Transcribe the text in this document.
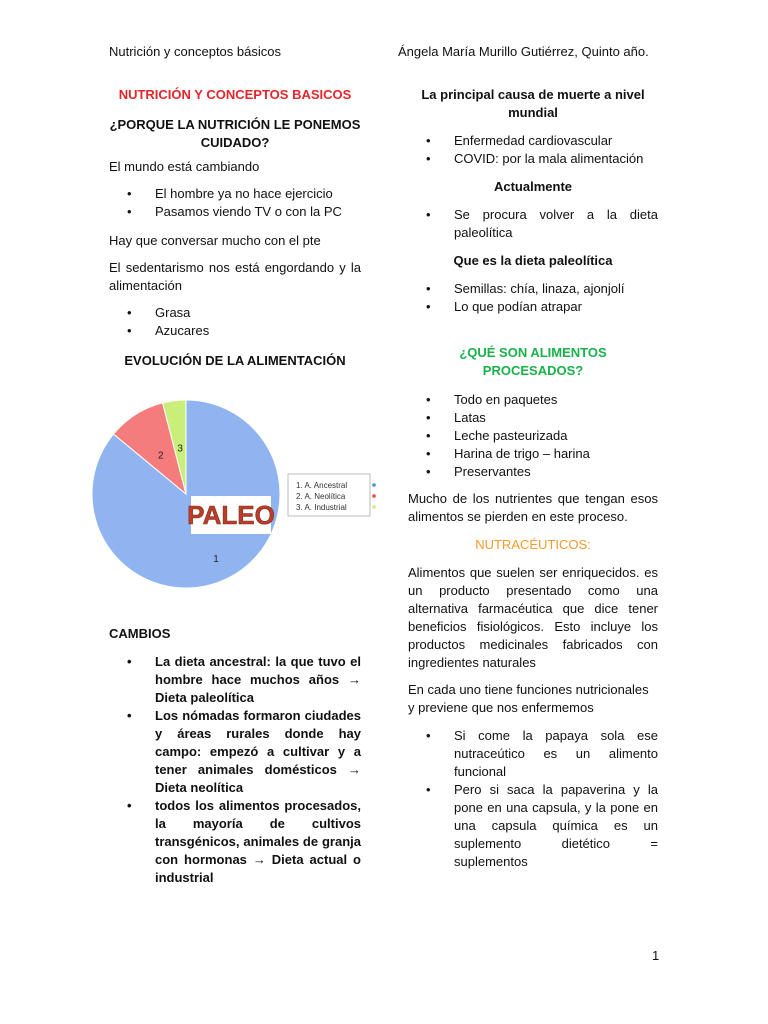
Nutrición y conceptos básicos	Ángela María Murillo Gutiérrez, Quinto año.

NUTRICIÓN Y CONCEPTOS BASICOS

¿PORQUE LA NUTRICIÓN LE PONEMOS CUIDADO?

El mundo está cambiando

• El hombre ya no hace ejercicio
• Pasamos viendo TV o con la PC

Hay que conversar mucho con el pte

El sedentarismo nos está engordando y la alimentación

• Grasa
• Azucares

EVOLUCIÓN DE LA ALIMENTACIÓN

1
2
3
PALEO
1. A. Ancestral
2. A. Neolítica
3. A. Industrial

CAMBIOS

• La dieta ancestral: la que tuvo el hombre hace muchos años → Dieta paleolítica
• Los nómadas formaron ciudades y áreas rurales donde hay campo: empezó a cultivar y a tener animales domésticos → Dieta neolítica
• todos los alimentos procesados, la mayoría de cultivos transgénicos, animales de granja con hormonas → Dieta actual o industrial

La principal causa de muerte a nivel mundial

• Enfermedad cardiovascular
• COVID: por la mala alimentación

Actualmente

• Se procura volver a la dieta paleolítica

Que es la dieta paleolítica

• Semillas: chía, linaza, ajonjolí
• Lo que podían atrapar

¿QUÉ SON ALIMENTOS PROCESADOS?

• Todo en paquetes
• Latas
• Leche pasteurizada
• Harina de trigo – harina
• Preservantes

Mucho de los nutrientes que tengan esos alimentos se pierden en este proceso.

NUTRACÉUTICOS:

Alimentos que suelen ser enriquecidos. es un producto presentado como una alternativa farmacéutica que dice tener beneficios fisiológicos. Esto incluye los productos medicinales fabricados con ingredientes naturales

En cada uno tiene funciones nutricionales y previene que nos enfermemos

• Si come la papaya sola ese nutraceútico es un alimento funcional
• Pero si saca la papaverina y la pone en una capsula, y la pone en una capsula química es un suplemento dietético = suplementos
1
